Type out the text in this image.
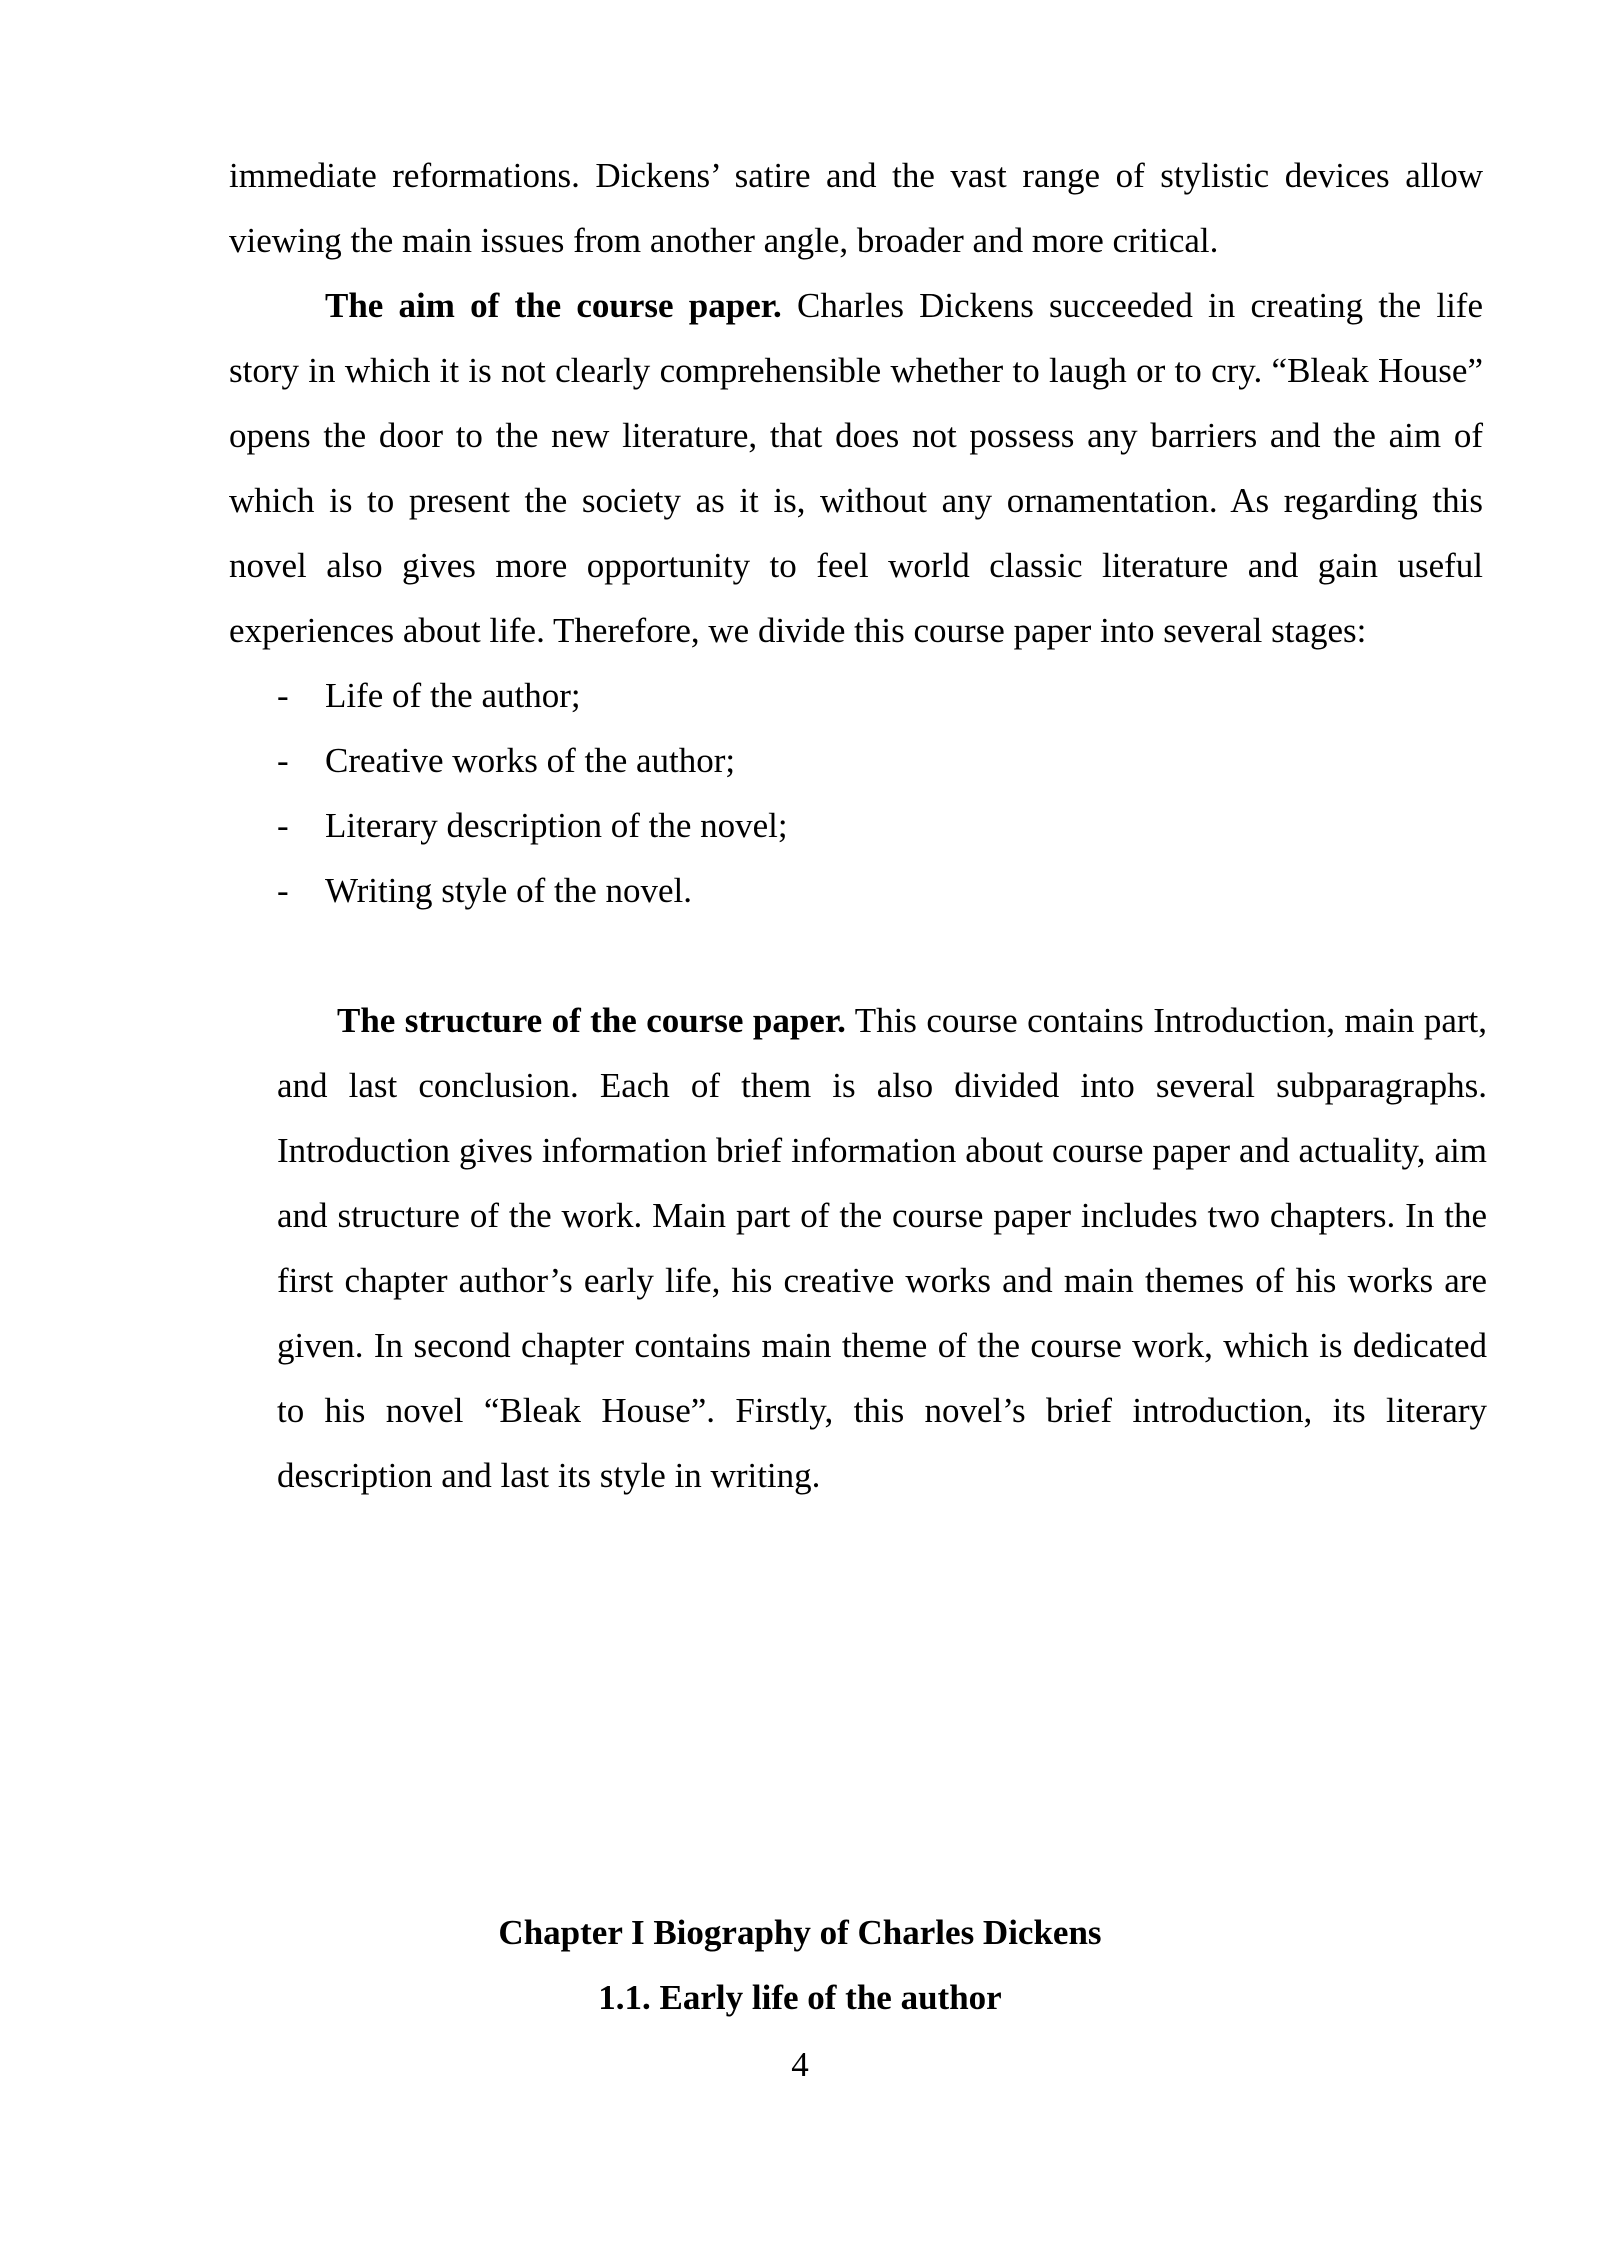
immediate reformations. Dickens’ satire and the vast range of stylistic devices allow viewing the main issues from another angle, broader and more critical.

The aim of the course paper. Charles Dickens succeeded in creating the life story in which it is not clearly comprehensible whether to laugh or to cry. “Bleak House” opens the door to the new literature, that does not possess any barriers and the aim of which is to present the society as it is, without any ornamentation. As regarding this novel also gives more opportunity to feel world classic literature and gain useful experiences about life. Therefore, we divide this course paper into several stages:

- Life of the author;
- Creative works of the author;
- Literary description of the novel;
- Writing style of the novel.

The structure of the course paper. This course contains Introduction, main part, and last conclusion. Each of them is also divided into several subparagraphs. Introduction gives information brief information about course paper and actuality, aim and structure of the work. Main part of the course paper includes two chapters. In the first chapter author’s early life, his creative works and main themes of his works are given. In second chapter contains main theme of the course work, which is dedicated to his novel “Bleak House”. Firstly, this novel’s brief introduction, its literary description and last its style in writing.

Chapter I Biography of Charles Dickens
1.1. Early life of the author
4
